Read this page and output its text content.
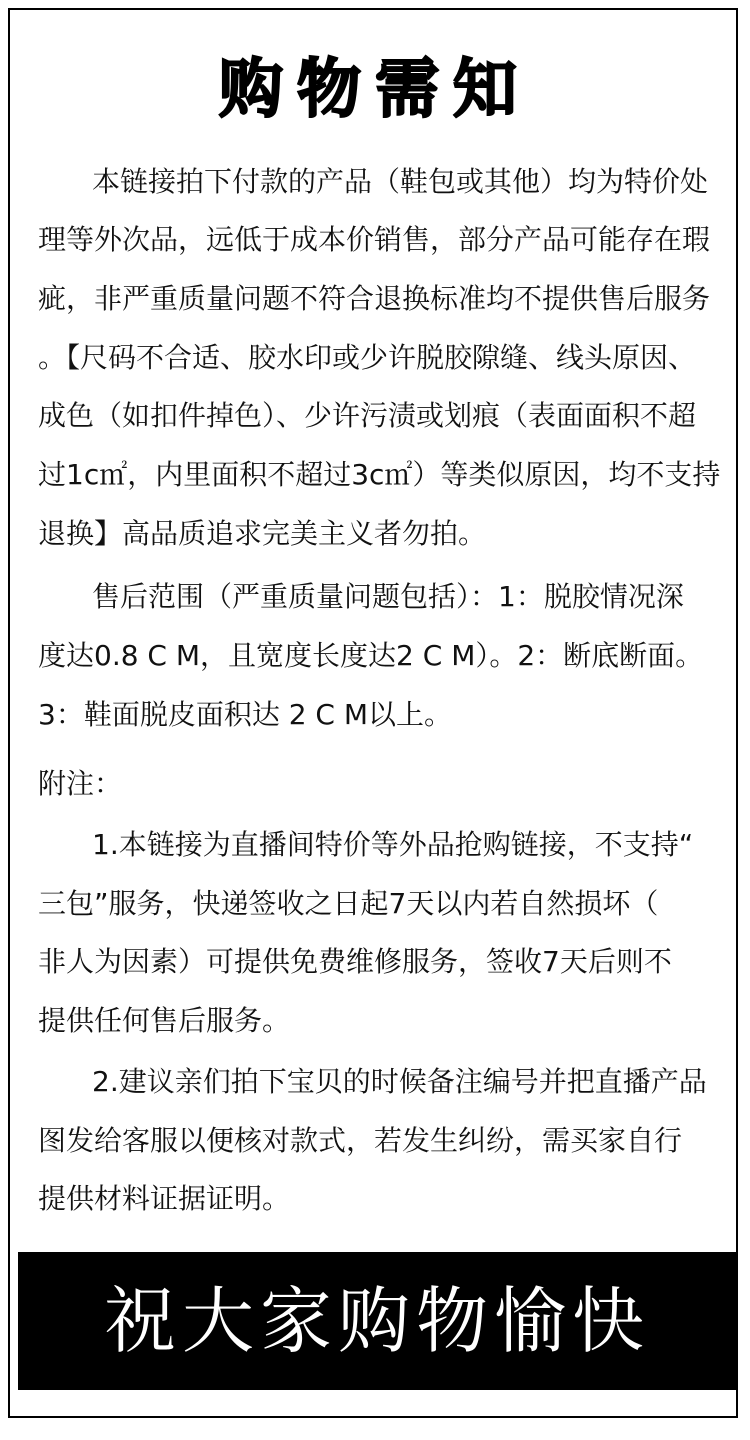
购物需知
本链接拍下付款的产品（鞋包或其他）均为特价处
理等外次品，远低于成本价销售，部分产品可能存在瑕
疵，非严重质量问题不符合退换标准均不提供售后服务
。【尺码不合适、胶水印或少许脱胶隙缝、线头原因、
成色（如扣件掉色）、少许污渍或划痕（表面面积不超
过1c㎡，内里面积不超过3c㎡）等类似原因，均不支持
退换】高品质追求完美主义者勿拍。
售后范围（严重质量问题包括）：1：脱胶情况深
度达0.8 C M，且宽度长度达2 C M）。2：断底断面。
3：鞋面脱皮面积达 2 C M以上。
附注：
1.本链接为直播间特价等外品抢购链接，不支持“
三包”服务，快递签收之日起7天以内若自然损坏（
非人为因素）可提供免费维修服务，签收7天后则不
提供任何售后服务。
2.建议亲们拍下宝贝的时候备注编号并把直播产品
图发给客服以便核对款式，若发生纠纷，需买家自行
提供材料证据证明。
祝大家购物愉快
